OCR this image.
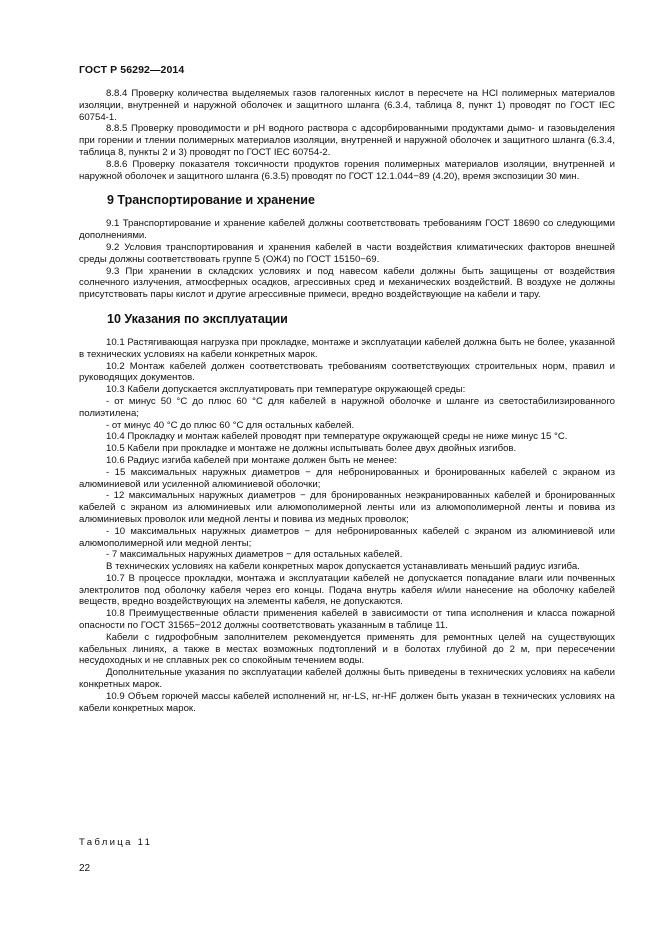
ГОСТ Р 56292—2014

8.8.4 Проверку количества выделяемых газов галогенных кислот в пересчете на HCl полимерных материалов изоляции, внутренней и наружной оболочек и защитного шланга (6.3.4, таблица 8, пункт 1) проводят по ГОСТ IEC 60754-1.

8.8.5 Проверку проводимости и pH водного раствора с адсорбированными продуктами дымо- и газовыделения при горении и тлении полимерных материалов изоляции, внутренней и наружной оболочек и защитного шланга (6.3.4, таблица 8, пункты 2 и 3) проводят по ГОСТ IEC 60754-2.

8.8.6 Проверку показателя токсичности продуктов горения полимерных материалов изоляции, внутренней и наружной оболочек и защитного шланга (6.3.5) проводят по ГОСТ 12.1.044−89 (4.20), время экспозиции 30 мин.

9 Транспортирование и хранение

9.1 Транспортирование и хранение кабелей должны соответствовать требованиям ГОСТ 18690 со следующими дополнениями.

9.2 Условия транспортирования и хранения кабелей в части воздействия климатических факторов внешней среды должны соответствовать группе 5 (ОЖ4) по ГОСТ 15150−69.

9.3 При хранении в складских условиях и под навесом кабели должны быть защищены от воздействия солнечного излучения, атмосферных осадков, агрессивных сред и механических воздействий. В воздухе не должны присутствовать пары кислот и другие агрессивные примеси, вредно воздействующие на кабели и тару.

10 Указания по эксплуатации

10.1 Растягивающая нагрузка при прокладке, монтаже и эксплуатации кабелей должна быть не более, указанной в технических условиях на кабели конкретных марок.

10.2 Монтаж кабелей должен соответствовать требованиям соответствующих строительных норм, правил и руководящих документов.

10.3 Кабели допускается эксплуатировать при температуре окружающей среды:

- от минус 50 °С до плюс 60 °С для кабелей в наружной оболочке и шланге из светостабилизированного полиэтилена;

- от минус 40 °С до плюс 60 °С для остальных кабелей.

10.4 Прокладку и монтаж кабелей проводят при температуре окружающей среды не ниже минус 15 °С.

10.5 Кабели при прокладке и монтаже не должны испытывать более двух двойных изгибов.

10.6 Радиус изгиба кабелей при монтаже должен быть не менее:

- 15 максимальных наружных диаметров − для небронированных и бронированных кабелей с экраном из алюминиевой или усиленной алюминиевой оболочки;

- 12 максимальных наружных диаметров − для бронированных неэкранированных кабелей и бронированных кабелей с экраном из алюминиевых или алюмополимерной ленты или из алюмополимерной ленты и повива из алюминиевых проволок или медной ленты и повива из медных проволок;

- 10 максимальных наружных диаметров − для небронированных кабелей с экраном из алюминиевой или алюмополимерной или медной ленты;

- 7 максимальных наружных диаметров − для остальных кабелей.

В технических условиях на кабели конкретных марок допускается устанавливать меньший радиус изгиба.

10.7 В процессе прокладки, монтажа и эксплуатации кабелей не допускается попадание влаги или почвенных электролитов под оболочку кабеля через его концы. Подача внутрь кабеля и/или нанесение на оболочку кабелей веществ, вредно воздействующих на элементы кабеля, не допускаются.

10.8 Преимущественные области применения кабелей в зависимости от типа исполнения и класса пожарной опасности по ГОСТ 31565−2012 должны соответствовать указанным в таблице 11.

Кабели с гидрофобным заполнителем рекомендуется применять для ремонтных целей на существующих кабельных линиях, а также в местах возможных подтоплений и в болотах глубиной до 2 м, при пересечении несудоходных и не сплавных рек со спокойным течением воды.

Дополнительные указания по эксплуатации кабелей должны быть приведены в технических условиях на кабели конкретных марок.

10.9 Объем горючей массы кабелей исполнений нг, нг-LS, нг-HF должен быть указан в технических условиях на кабели конкретных марок.

Таблица 11
22
